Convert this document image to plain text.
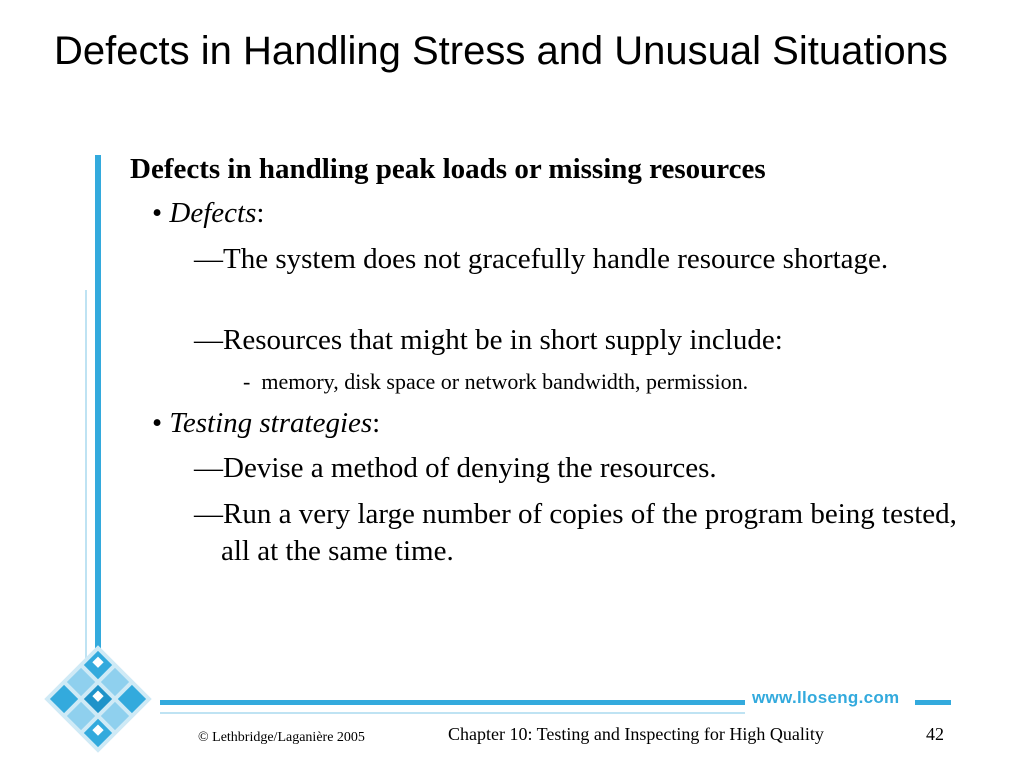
Defects in Handling Stress and Unusual Situations
www.lloseng.com
Defects in handling peak loads or missing resources
• Defects:
—The system does not gracefully handle resource shortage.
—Resources that might be in short supply include:
- memory, disk space or network bandwidth, permission.
• Testing strategies:
—Devise a method of denying the resources.
—Run a very large number of copies of the program being tested, all at the same time.
© Lethbridge/Laganière 2005	Chapter 10: Testing and Inspecting for High Quality	42
